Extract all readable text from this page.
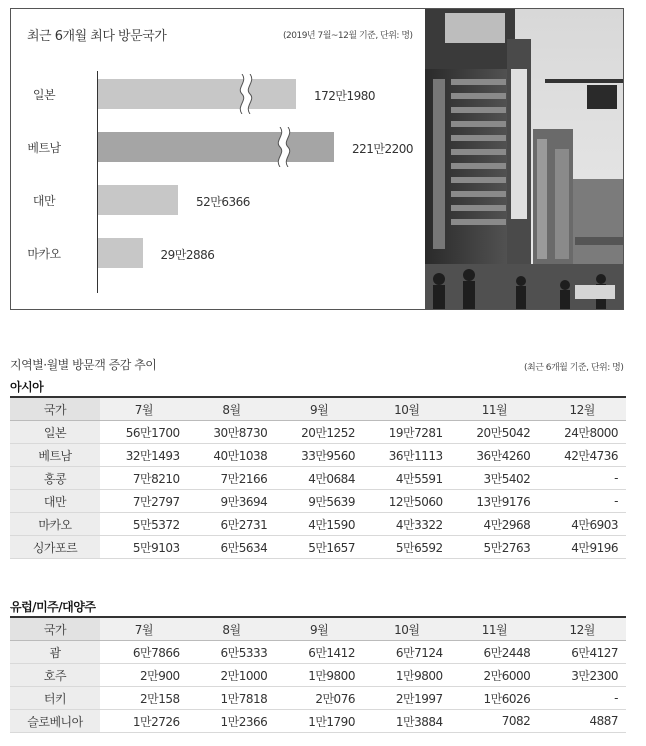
최근 6개월 최다 방문국가	(2019년 7월~12월 기준, 단위: 명)
일본	172만1980
베트남	221만2200
대만	52만6366
마카오	29만2886
지역별·월별 방문객 증감 추이	(최근 6개월 기준, 단위: 명)
아시아
국가	7월	8월	9월	10월	11월	12월
일본	56만1700	30만8730	20만1252	19만7281	20만5042	24만8000
베트남	32만1493	40만1038	33만9560	36만1113	36만4260	42만4736
홍콩	7만8210	7만2166	4만0684	4만5591	3만5402	-
대만	7만2797	9만3694	9만5639	12만5060	13만9176	-
마카오	5만5372	6만2731	4만1590	4만3322	4만2968	4만6903
싱가포르	5만9103	6만5634	5만1657	5만6592	5만2763	4만9196
유럽/미주/대양주
국가	7월	8월	9월	10월	11월	12월
괌	6만7866	6만5333	6만1412	6만7124	6만2448	6만4127
호주	2만900	2만1000	1만9800	1만9800	2만6000	3만2300
터키	2만158	1만7818	2만076	2만1997	1만6026	-
슬로베니아	1만2726	1만2366	1만1790	1만3884	7082	4887
